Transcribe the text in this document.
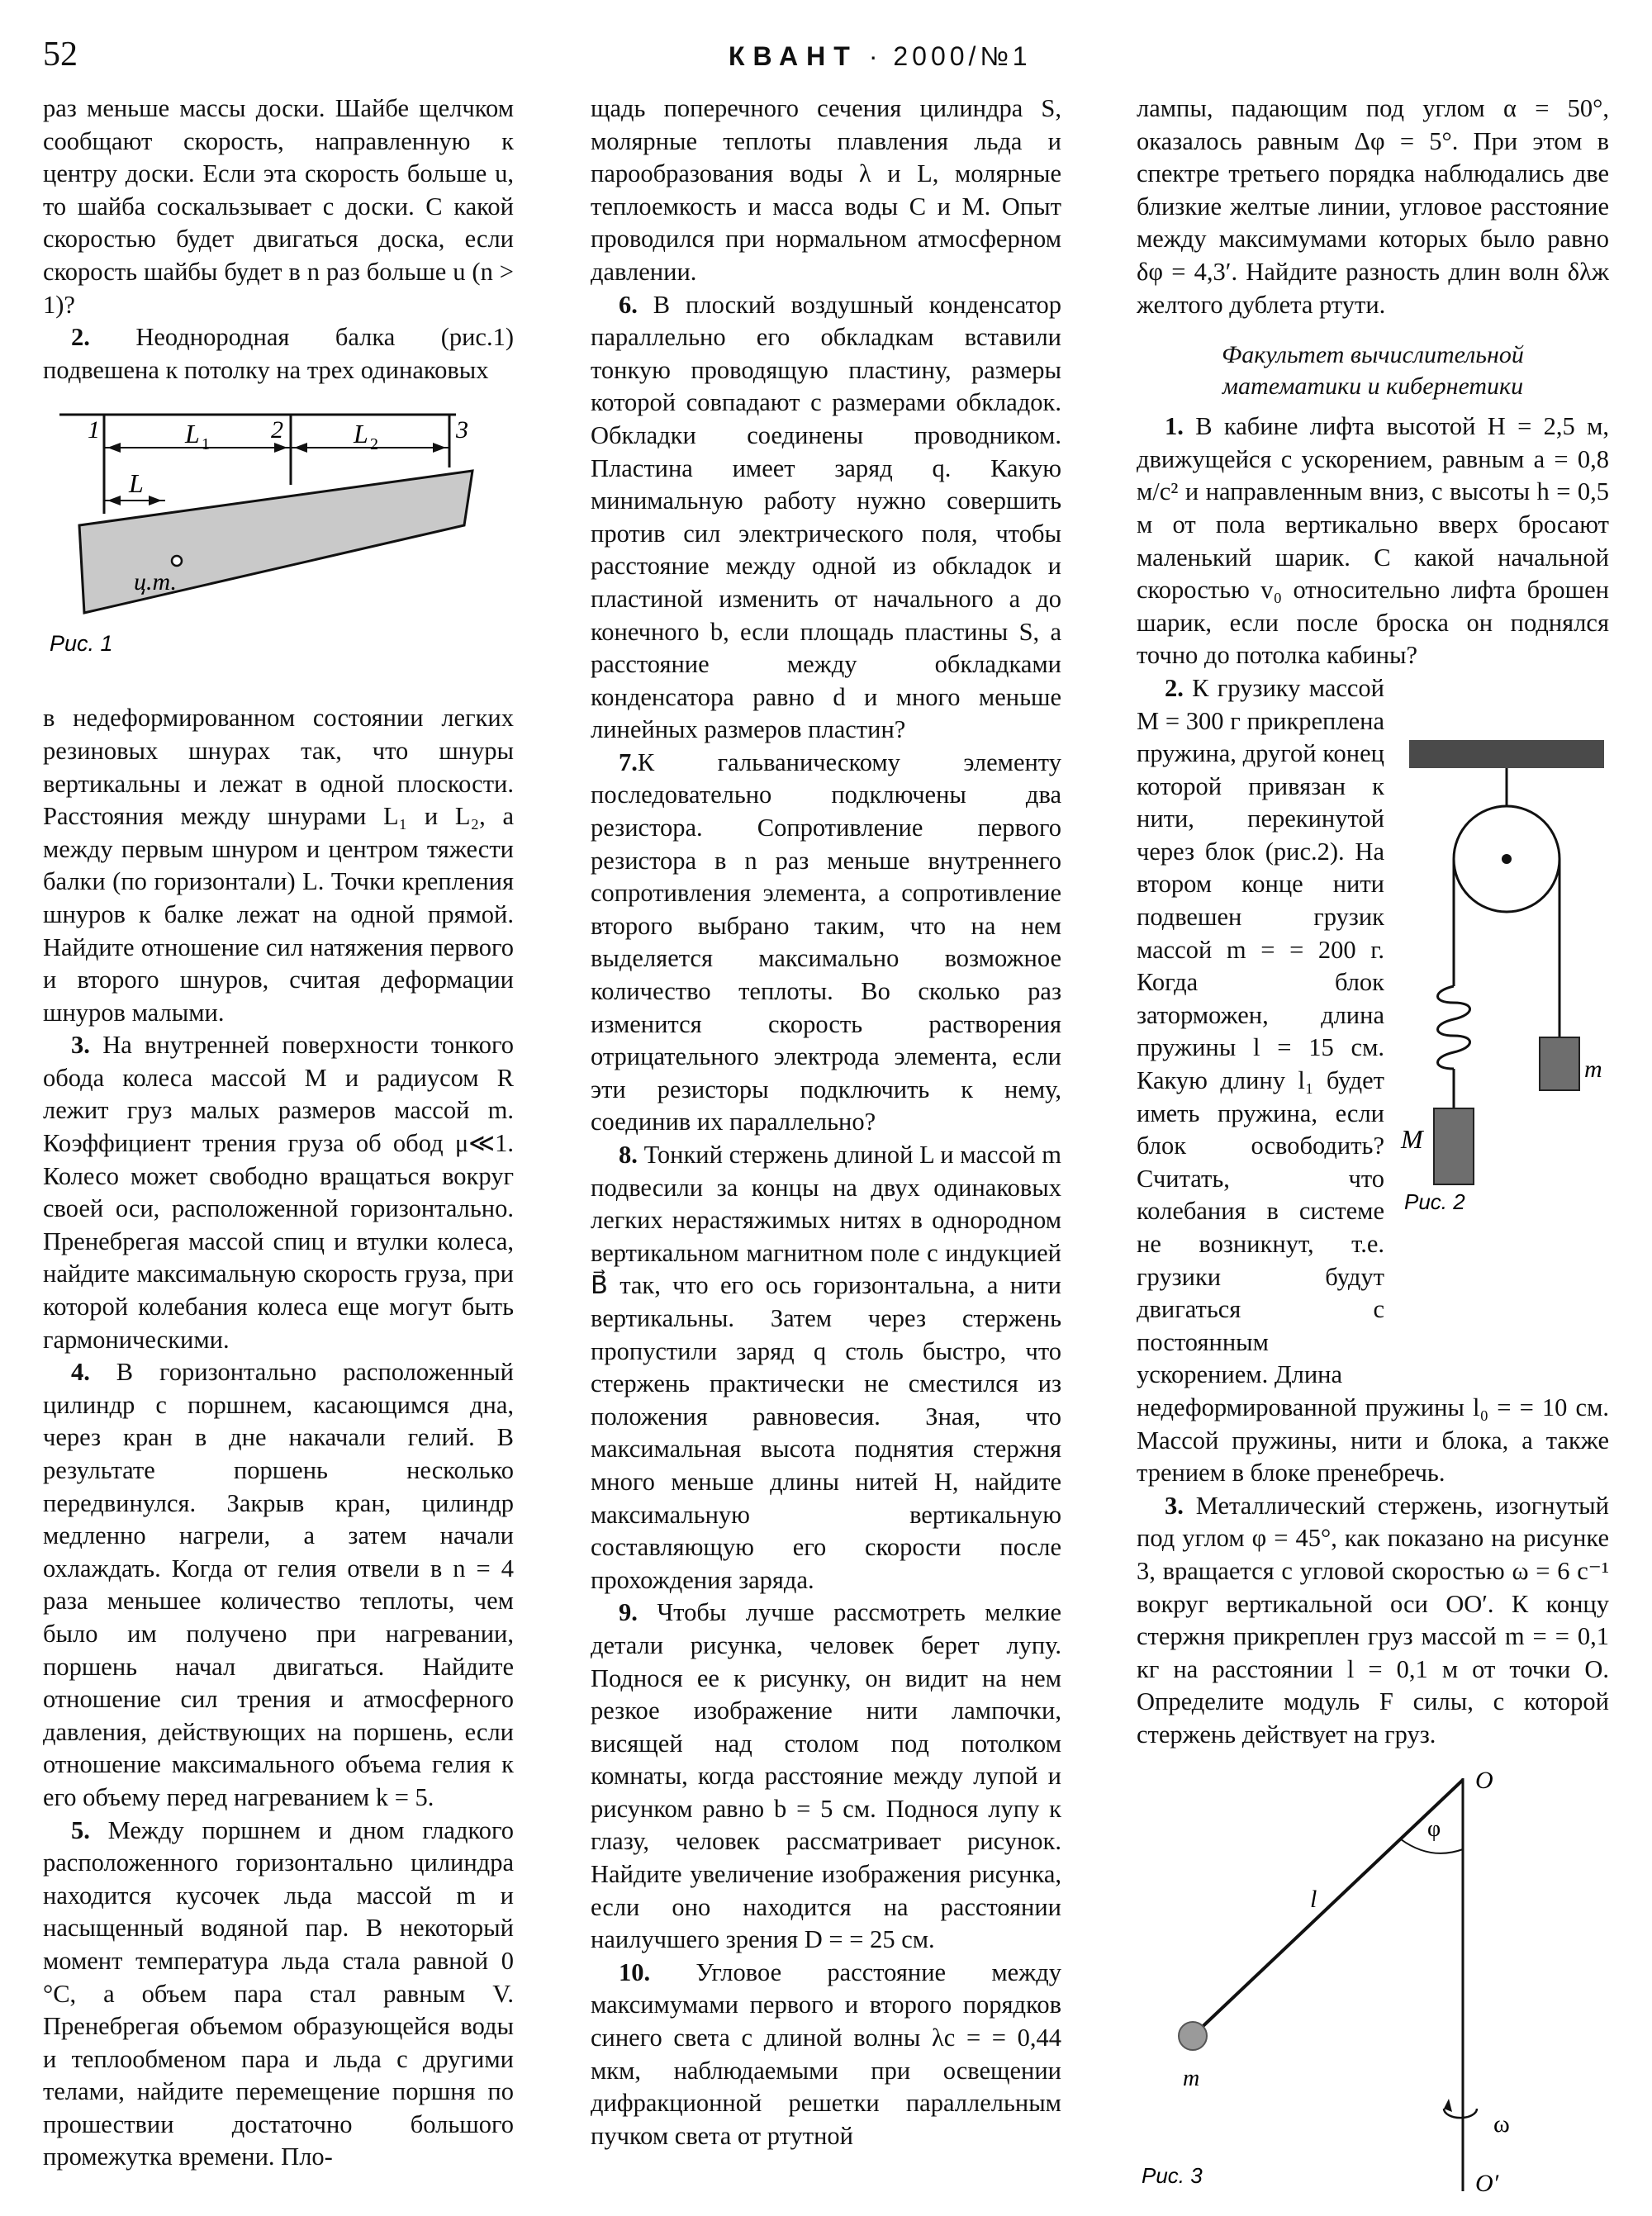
52	КВАНТ · 2000/№1

раз меньше массы доски. Шайбе щелчком сообщают скорость, направленную к центру доски. Если эта скорость больше u, то шайба соскальзывает с доски. С какой скоростью будет двигаться доска, если скорость шайбы будет в n раз больше u (n > 1)?

2. Неоднородная балка (рис.1) подвешена к потолку на трех одинаковых

1	2	3
L 1	L 2
L
ц.т.
Рис. 1

в недеформированном состоянии легких резиновых шнурах так, что шнуры вертикальны и лежат в одной плоскости. Расстояния между шнурами L₁ и L₂, а между первым шнуром и центром тяжести балки (по горизонтали) L. Точки крепления шнуров к балке лежат на одной прямой. Найдите отношение сил натяжения первого и второго шнуров, считая деформации шнуров малыми.

3. На внутренней поверхности тонкого обода колеса массой M и радиусом R лежит груз малых размеров массой m. Коэффициент трения груза об обод μ≪1. Колесо может свободно вращаться вокруг своей оси, расположенной горизонтально. Пренебрегая массой спиц и втулки колеса, найдите максимальную скорость груза, при которой колебания колеса еще могут быть гармоническими.

4. В горизонтально расположенный цилиндр с поршнем, касающимся дна, через кран в дне накачали гелий. В результате поршень несколько передвинулся. Закрыв кран, цилиндр медленно нагрели, а затем начали охлаждать. Когда от гелия отвели в n = 4 раза меньшее количество теплоты, чем было им получено при нагревании, поршень начал двигаться. Найдите отношение сил трения и атмосферного давления, действующих на поршень, если отношение максимального объема гелия к его объему перед нагреванием k = 5.

5. Между поршнем и дном гладкого расположенного горизонтально цилиндра находится кусочек льда массой m и насыщенный водяной пар. В некоторый момент температура льда стала равной 0 °С, а объем пара стал равным V. Пренебрегая объемом образующейся воды и теплообменом пара и льда с другими телами, найдите перемещение поршня по прошествии достаточно большого промежутка времени. Пло-

щадь поперечного сечения цилиндра S, молярные теплоты плавления льда и парообразования воды λ и L, молярные теплоемкость и масса воды C и M. Опыт проводился при нормальном атмосферном давлении.

6. В плоский воздушный конденсатор параллельно его обкладкам вставили тонкую проводящую пластину, размеры которой совпадают с размерами обкладок. Обкладки соединены проводником. Пластина имеет заряд q. Какую минимальную работу нужно совершить против сил электрического поля, чтобы расстояние между одной из обкладок и пластиной изменить от начального a до конечного b, если площадь пластины S, а расстояние между обкладками конденсатора равно d и много меньше линейных размеров пластин?

7.К гальваническому элементу последовательно подключены два резистора. Сопротивление первого резистора в n раз меньше внутреннего сопротивления элемента, а сопротивление второго выбрано таким, что на нем выделяется максимально возможное количество теплоты. Во сколько раз изменится скорость растворения отрицательного электрода элемента, если эти резисторы подключить к нему, соединив их параллельно?

8. Тонкий стержень длиной L и массой m подвесили за концы на двух одинаковых легких нерастяжимых нитях в однородном вертикальном магнитном поле с индукцией B⃗ так, что его ось горизонтальна, а нити вертикальны. Затем через стержень пропустили заряд q столь быстро, что стержень практически не сместился из положения равновесия. Зная, что максимальная высота поднятия стержня много меньше длины нитей H, найдите максимальную вертикальную составляющую его скорости после прохождения заряда.

9. Чтобы лучше рассмотреть мелкие детали рисунка, человек берет лупу. Поднося ее к рисунку, он видит на нем резкое изображение нити лампочки, висящей над столом под потолком комнаты, когда расстояние между лупой и рисунком равно b = 5 см. Поднося лупу к глазу, человек рассматривает рисунок. Найдите увеличение изображения рисунка, если оно находится на расстоянии наилучшего зрения D = = 25 см.

10. Угловое расстояние между максимумами первого и второго порядков синего света с длиной волны λc = = 0,44 мкм, наблюдаемыми при освещении дифракционной решетки параллельным пучком света от ртутной

лампы, падающим под углом α = 50°, оказалось равным Δφ = 5°. При этом в спектре третьего порядка наблюдались две близкие желтые линии, угловое расстояние между максимумами которых было равно δφ = 4,3′. Найдите разность длин волн δλж желтого дублета ртути.

Факультет вычислительной
математики и кибернетики

1. В кабине лифта высотой H = 2,5 м, движущейся с ускорением, равным a = 0,8 м/с² и направленным вниз, с высоты h = 0,5 м от пола вертикально вверх бросают маленький шарик. С какой начальной скоростью v₀ относительно лифта брошен шарик, если после броска он поднялся точно до потолка кабины?

2. К грузику массой M = 300 г прикреплена пружина, другой конец которой привязан к нити, перекинутой через блок (рис.2). На втором конце нити подвешен грузик массой m = = 200 г. Когда блок заторможен, длина пружины l = 15 см. Какую длину l₁ будет иметь пружина, если блок освободить? Считать, что колебания в системе не возникнут, т.е. грузики будут двигаться с постоянным ускорением. Длина

m
M
Рис. 2

недеформированной пружины l₀ = = 10 см. Массой пружины, нити и блока, а также трением в блоке пренебречь.

3. Металлический стержень, изогнутый под углом φ = 45°, как показано на рисунке 3, вращается с угловой скоростью ω = 6 с⁻¹ вокруг вертикальной оси OO′. К концу стержня прикреплен груз массой m = = 0,1 кг на расстоянии l = 0,1 м от точки O. Определите модуль F силы, с которой стержень действует на груз.

O
O′
φ
l
m
ω
Рис. 3
